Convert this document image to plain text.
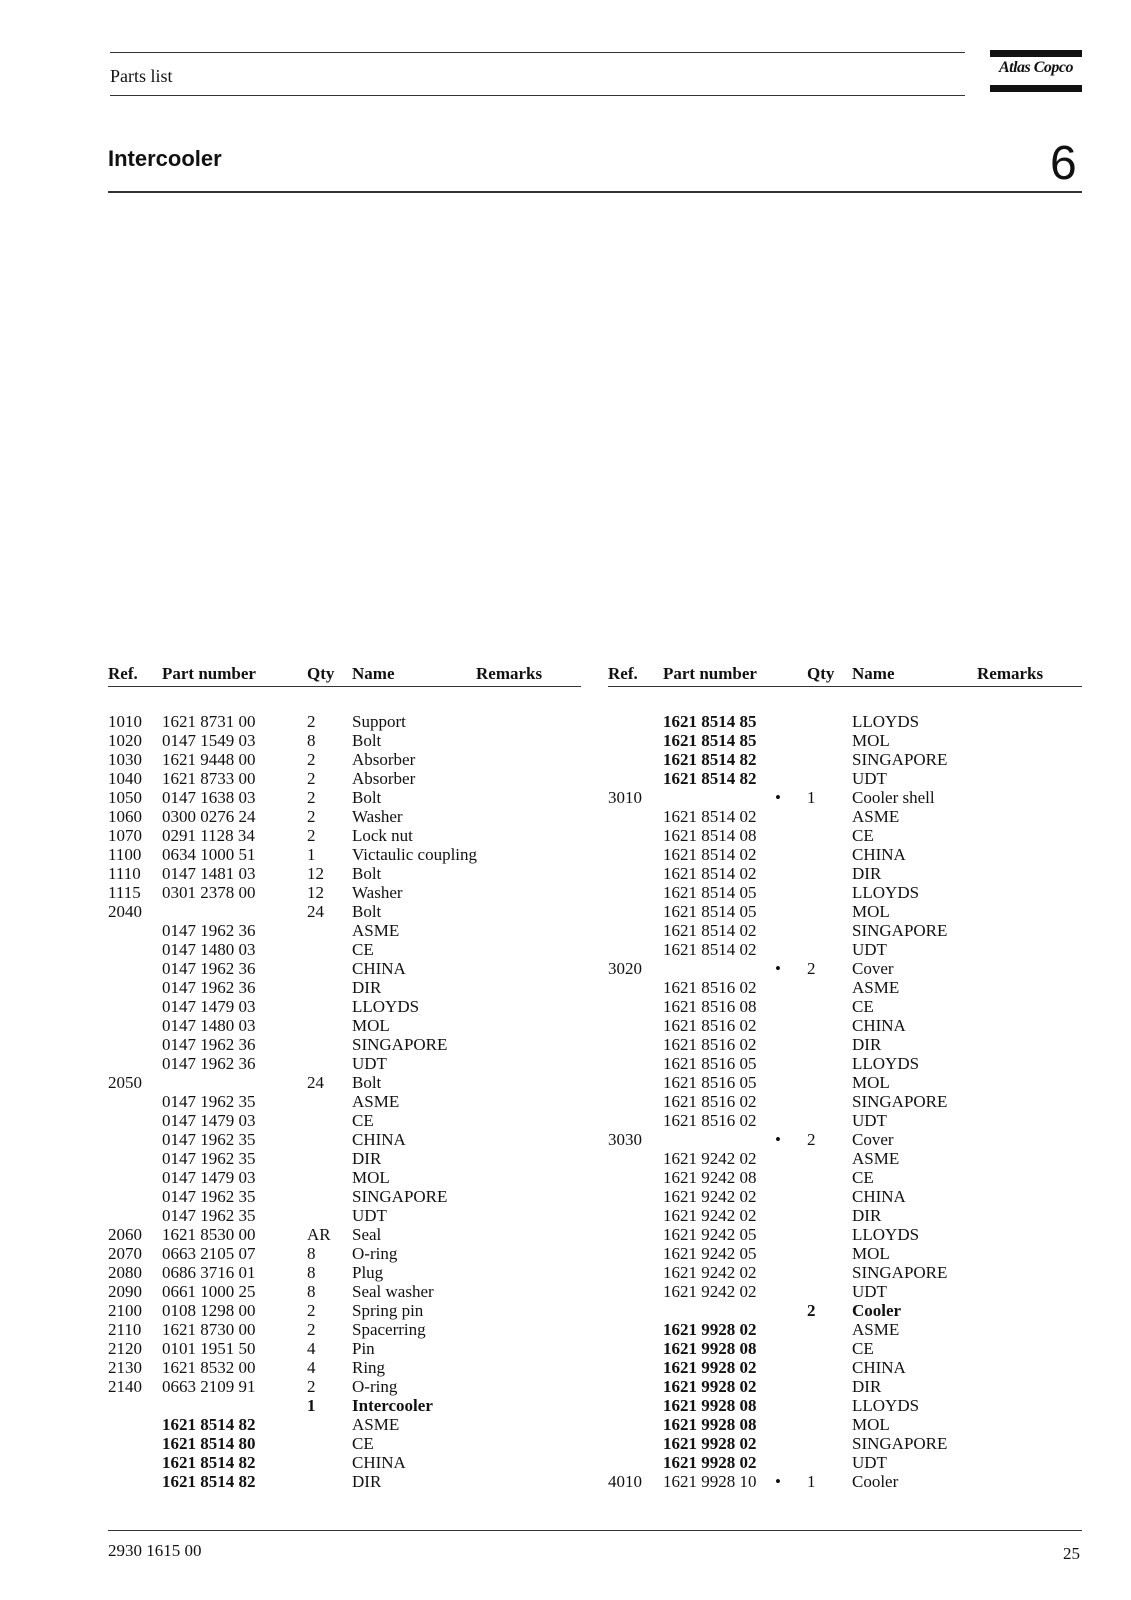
Parts list	Atlas Copco
Intercooler	6
Ref. Part number	Qty Name	Remarks	Ref. Part number	Qty Name	Remarks
1010 1621 8731 00	2 Support
1020 0147 1549 03	8 Bolt
1030 1621 9448 00	2 Absorber
1040 1621 8733 00	2 Absorber
1050 0147 1638 03	2 Bolt
1060 0300 0276 24	2 Washer
1070 0291 1128 34	2 Lock nut
1100 0634 1000 51	1 Victaulic coupling
1110 0147 1481 03	12 Bolt
1115 0301 2378 00	12 Washer
2040	24 Bolt
0147 1962 36	ASME
0147 1480 03	CE
0147 1962 36	CHINA
0147 1962 36	DIR
0147 1479 03	LLOYDS
0147 1480 03	MOL
0147 1962 36	SINGAPORE
0147 1962 36	UDT
2050	24 Bolt
0147 1962 35	ASME
0147 1479 03	CE
0147 1962 35	CHINA
0147 1962 35	DIR
0147 1479 03	MOL
0147 1962 35	SINGAPORE
0147 1962 35	UDT
2060 1621 8530 00	AR Seal
2070 0663 2105 07	8 O-ring
2080 0686 3716 01	8 Plug
2090 0661 1000 25	8 Seal washer
2100 0108 1298 00	2 Spring pin
2110 1621 8730 00	2 Spacerring
2120 0101 1951 50	4 Pin
2130 1621 8532 00	4 Ring
2140 0663 2109 91	2 O-ring
1 Intercooler
1621 8514 82	ASME
1621 8514 80	CE
1621 8514 82	CHINA
1621 8514 82	DIR
1621 8514 85	LLOYDS
1621 8514 85	MOL
1621 8514 82	SINGAPORE
1621 8514 82	UDT
3010	• 1 Cooler shell
1621 8514 02	ASME
1621 8514 08	CE
1621 8514 02	CHINA
1621 8514 02	DIR
1621 8514 05	LLOYDS
1621 8514 05	MOL
1621 8514 02	SINGAPORE
1621 8514 02	UDT
3020	• 2 Cover
1621 8516 02	ASME
1621 8516 08	CE
1621 8516 02	CHINA
1621 8516 02	DIR
1621 8516 05	LLOYDS
1621 8516 05	MOL
1621 8516 02	SINGAPORE
1621 8516 02	UDT
3030	• 2 Cover
1621 9242 02	ASME
1621 9242 08	CE
1621 9242 02	CHINA
1621 9242 02	DIR
1621 9242 05	LLOYDS
1621 9242 05	MOL
1621 9242 02	SINGAPORE
1621 9242 02	UDT
2 Cooler
1621 9928 02	ASME
1621 9928 08	CE
1621 9928 02	CHINA
1621 9928 02	DIR
1621 9928 08	LLOYDS
1621 9928 08	MOL
1621 9928 02	SINGAPORE
1621 9928 02	UDT
4010 1621 9928 10 • 1 Cooler
2930 1615 00	25
